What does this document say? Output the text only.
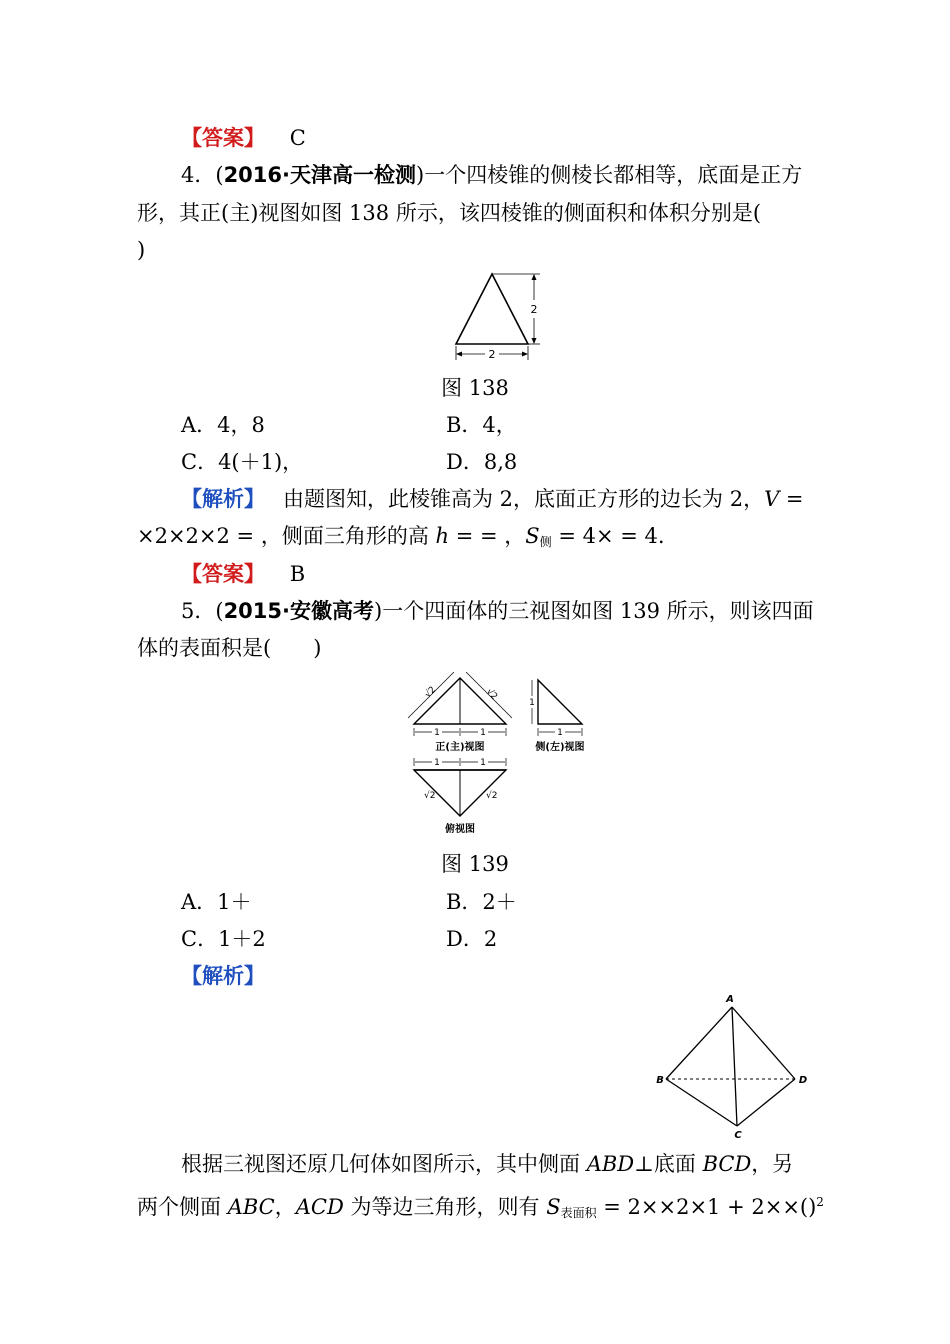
【答案】 C
4．(2016·天津高一检测)一个四棱锥的侧棱长都相等，底面是正方
形，其正(主)视图如图 138 所示，该四棱锥的侧面积和体积分别是(
)
2
2
图 138
A．4，8	B．4，
C．4(＋1)，	D．8,8
【解析】 由题图知，此棱锥高为 2，底面正方形的边长为 2，V =
×2×2×2 = ，侧面三角形的高 h = = ，$S_侧 = 4\times = 4$.
【答案】 B
5．(2015·安徽高考)一个四面体的三视图如图 139 所示，则该四面
体的表面积是(　　)
√2	√2
1	1
正(主)视图
1
1
侧(左)视图
1	1
√2	√2
俯视图
图 139
A．1＋	B．2＋
C．1＋2	D．2
【解析】
A
B
C
D
根据三视图还原几何体如图所示，其中侧面 ABD⊥底面 BCD，另
两个侧面 ABC，ACD 为等边三角形，则有 $S_{表面积} = 2\times\times 2\times 1 + 2\times\times()^2$
